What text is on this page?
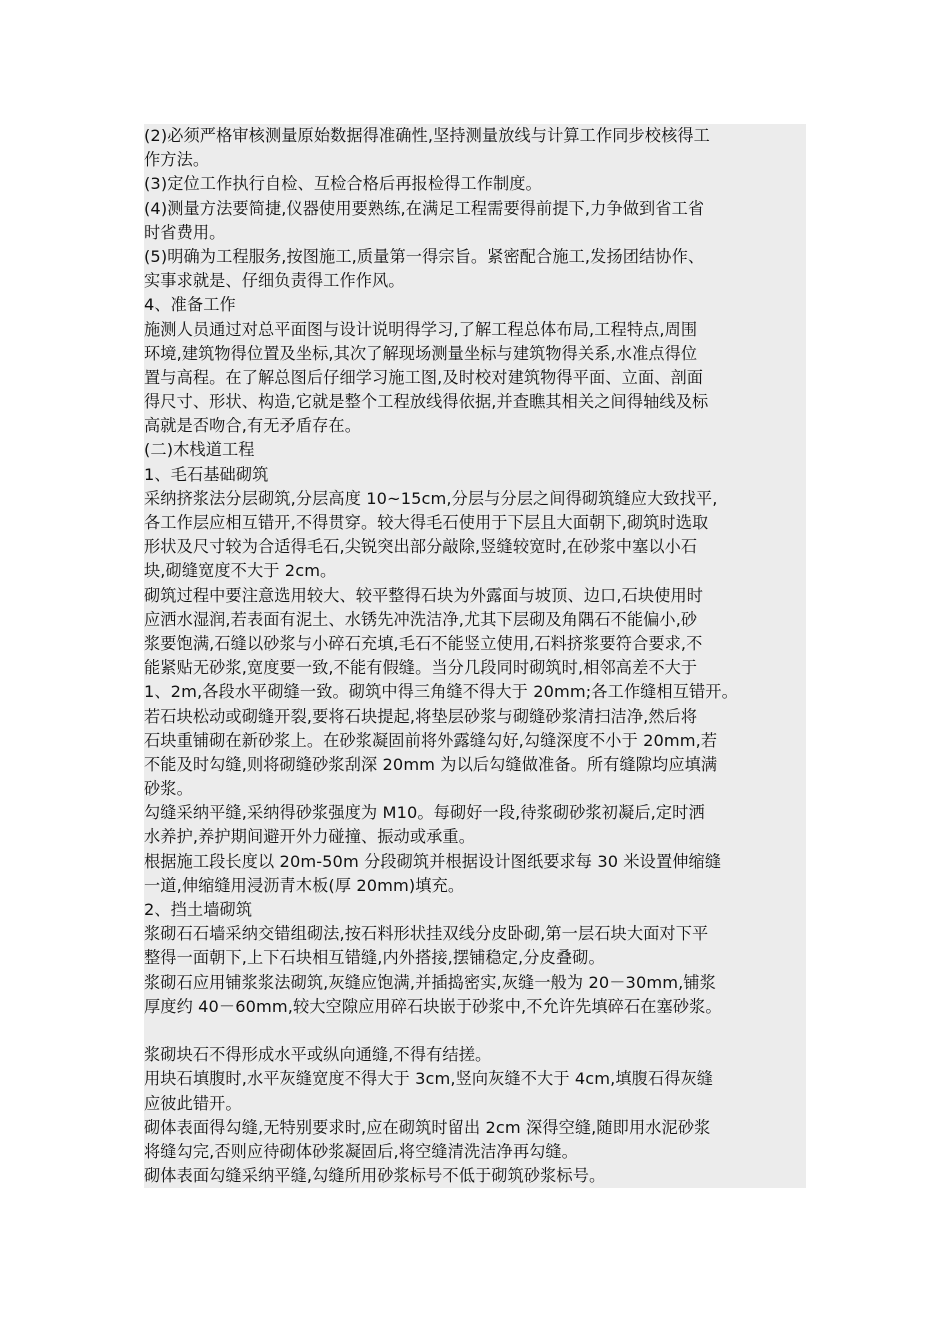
(2)必须严格审核测量原始数据得准确性,坚持测量放线与计算工作同步校核得工
作方法。
(3)定位工作执行自检、互检合格后再报检得工作制度。
(4)测量方法要简捷,仪器使用要熟练,在满足工程需要得前提下,力争做到省工省
时省费用。
(5)明确为工程服务,按图施工,质量第一得宗旨。紧密配合施工,发扬团结协作、
实事求就是、仔细负责得工作作风。
4、准备工作
施测人员通过对总平面图与设计说明得学习,了解工程总体布局,工程特点,周围
环境,建筑物得位置及坐标,其次了解现场测量坐标与建筑物得关系,水准点得位
置与高程。在了解总图后仔细学习施工图,及时校对建筑物得平面、立面、剖面
得尺寸、形状、构造,它就是整个工程放线得依据,并查瞧其相关之间得轴线及标
高就是否吻合,有无矛盾存在。
(二)木栈道工程
1、毛石基础砌筑
采纳挤浆法分层砌筑,分层高度 10~15cm,分层与分层之间得砌筑缝应大致找平,
各工作层应相互错开,不得贯穿。较大得毛石使用于下层且大面朝下,砌筑时选取
形状及尺寸较为合适得毛石,尖锐突出部分敲除,竖缝较宽时,在砂浆中塞以小石
块,砌缝宽度不大于 2cm。
砌筑过程中要注意选用较大、较平整得石块为外露面与坡顶、边口,石块使用时
应洒水湿润,若表面有泥土、水锈先冲洗洁净,尤其下层砌及角隅石不能偏小,砂
浆要饱满,石缝以砂浆与小碎石充填,毛石不能竖立使用,石料挤浆要符合要求,不
能紧贴无砂浆,宽度要一致,不能有假缝。当分几段同时砌筑时,相邻高差不大于
1、2m,各段水平砌缝一致。砌筑中得三角缝不得大于 20mm;各工作缝相互错开。
若石块松动或砌缝开裂,要将石块提起,将垫层砂浆与砌缝砂浆清扫洁净,然后将
石块重铺砌在新砂浆上。在砂浆凝固前将外露缝勾好,勾缝深度不小于 20mm,若
不能及时勾缝,则将砌缝砂浆刮深 20mm 为以后勾缝做准备。所有缝隙均应填满
砂浆。
勾缝采纳平缝,采纳得砂浆强度为 M10。每砌好一段,待浆砌砂浆初凝后,定时洒
水养护,养护期间避开外力碰撞、振动或承重。
根据施工段长度以 20m-50m 分段砌筑并根据设计图纸要求每 30 米设置伸缩缝
一道,伸缩缝用浸沥青木板(厚 20mm)填充。
2、挡土墙砌筑
浆砌石石墙采纳交错组砌法,按石料形状挂双线分皮卧砌,第一层石块大面对下平
整得一面朝下,上下石块相互错缝,内外搭接,摆铺稳定,分皮叠砌。
浆砌石应用铺浆浆法砌筑,灰缝应饱满,并插捣密实,灰缝一般为 20－30mm,铺浆
厚度约 40－60mm,较大空隙应用碎石块嵌于砂浆中,不允许先填碎石在塞砂浆。
浆砌块石不得形成水平或纵向通缝,不得有结搓。
用块石填腹时,水平灰缝宽度不得大于 3cm,竖向灰缝不大于 4cm,填腹石得灰缝
应彼此错开。
砌体表面得勾缝,无特别要求时,应在砌筑时留出 2cm 深得空缝,随即用水泥砂浆
将缝勾完,否则应待砌体砂浆凝固后,将空缝清洗洁净再勾缝。
砌体表面勾缝采纳平缝,勾缝所用砂浆标号不低于砌筑砂浆标号。
